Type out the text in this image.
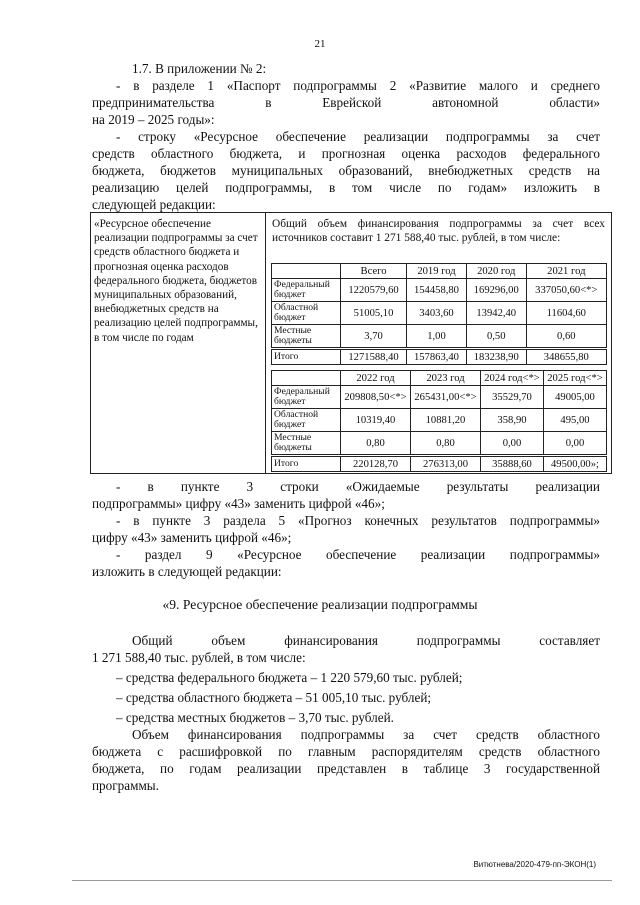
21

1.7. В приложении № 2:

- в разделе 1 «Паспорт подпрограммы 2 «Развитие малого и среднего

предпринимательства в Еврейской автономной области»

на 2019 – 2025 годы»:

- строку «Ресурсное обеспечение реализации подпрограммы за счет

средств областного бюджета, и прогнозная оценка расходов федерального

бюджета, бюджетов муниципальных образований, внебюджетных средств на

реализацию целей подпрограммы, в том числе по годам» изложить в

следующей редакции:

«Ресурсное обеспечение реализации подпрограммы за счет средств областного бюджета и прогнозная оценка расходов федерального бюджета, бюджетов муниципальных образований, внебюджетных средств на реализацию целей подпрограммы, в том числе по годам
Общий объем финансирования подпрограммы за счет всех источников составит 1 271 588,40 тыс. рублей, в том числе:
	Всего	2019 год	2020 год	2021 год
Федеральный бюджет	1220579,60	154458,80	169296,00	337050,60<*>
Областной бюджет	51005,10	3403,60	13942,40	11604,60
Местные бюджеты	3,70	1,00	0,50	0,60
Итого	1271588,40	157863,40	183238,90	348655,80
	2022 год	2023 год	2024 год<*>	2025 год<*>
Федеральный бюджет	209808,50<*>	265431,00<*>	35529,70	49005,00
Областной бюджет	10319,40	10881,20	358,90	495,00
Местные бюджеты	0,80	0,80	0,00	0,00
Итого	220128,70	276313,00	35888,60	49500,00»;

- в пункте 3 строки «Ожидаемые результаты реализации

подпрограммы» цифру «43» заменить цифрой «46»;

- в пункте 3 раздела 5 «Прогноз конечных результатов подпрограммы»

цифру «43» заменить цифрой «46»;

- раздел 9 «Ресурсное обеспечение реализации подпрограммы»

изложить в следующей редакции:

«9. Ресурсное обеспечение реализации подпрограммы

Общий объем финансирования подпрограммы составляет

1 271 588,40 тыс. рублей, в том числе:

– средства федерального бюджета – 1 220 579,60 тыс. рублей;

– средства областного бюджета – 51 005,10 тыс. рублей;

– средства местных бюджетов – 3,70 тыс. рублей.

Объем финансирования подпрограммы за счет средств областного

бюджета с расшифровкой по главным распорядителям средств областного

бюджета, по годам реализации представлен в таблице 3 государственной

программы.

Витютнева/2020-479-пп-ЭКОН(1)
